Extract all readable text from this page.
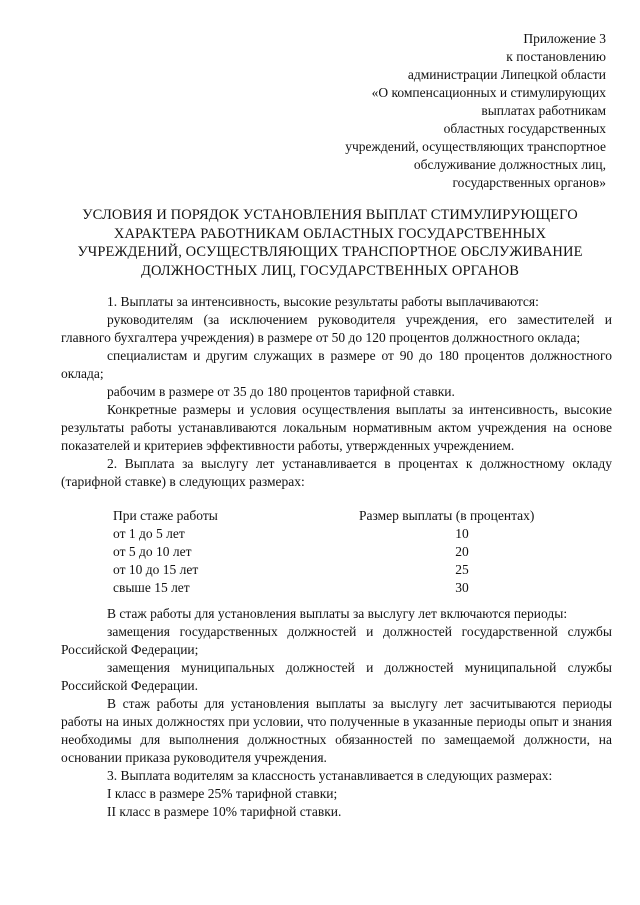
Приложение 3
к постановлению
администрации Липецкой области
«О компенсационных и стимулирующих
выплатах работникам
областных государственных
учреждений, осуществляющих транспортное
обслуживание должностных лиц,
государственных органов»
УСЛОВИЯ И ПОРЯДОК УСТАНОВЛЕНИЯ ВЫПЛАТ СТИМУЛИРУЮЩЕГО
ХАРАКТЕРА РАБОТНИКАМ ОБЛАСТНЫХ ГОСУДАРСТВЕННЫХ
УЧРЕЖДЕНИЙ, ОСУЩЕСТВЛЯЮЩИХ ТРАНСПОРТНОЕ ОБСЛУЖИВАНИЕ
ДОЛЖНОСТНЫХ ЛИЦ, ГОСУДАРСТВЕННЫХ ОРГАНОВ

1. Выплаты за интенсивность, высокие результаты работы выплачиваются:

руководителям (за исключением руководителя учреждения, его заместителей и главного бухгалтера учреждения) в размере от 50 до 120 процентов должностного оклада;

специалистам и другим служащих в размере от 90 до 180 процентов должностного оклада;

рабочим в размере от 35 до 180 процентов тарифной ставки.

Конкретные размеры и условия осуществления выплаты за интенсивность, высокие результаты работы устанавливаются локальным нормативным актом учреждения на основе показателей и критериев эффективности работы, утвержденных учреждением.

2. Выплата за выслугу лет устанавливается в процентах к должностному окладу (тарифной ставке) в следующих размерах:

При стаже работы
от 1 до 5 лет
от 5 до 10 лет
от 10 до 15 лет
свыше 15 лет
Размер выплаты (в процентах)
10
20
25
30

В стаж работы для установления выплаты за выслугу лет включаются периоды:

замещения государственных должностей и должностей государственной службы Российской Федерации;

замещения муниципальных должностей и должностей муниципальной службы Российской Федерации.

В стаж работы для установления выплаты за выслугу лет засчитываются периоды работы на иных должностях при условии, что полученные в указанные периоды опыт и знания необходимы для выполнения должностных обязанностей по замещаемой должности, на основании приказа руководителя учреждения.

3. Выплата водителям за классность устанавливается в следующих размерах:

I класс в размере 25% тарифной ставки;

II класс в размере 10% тарифной ставки.
